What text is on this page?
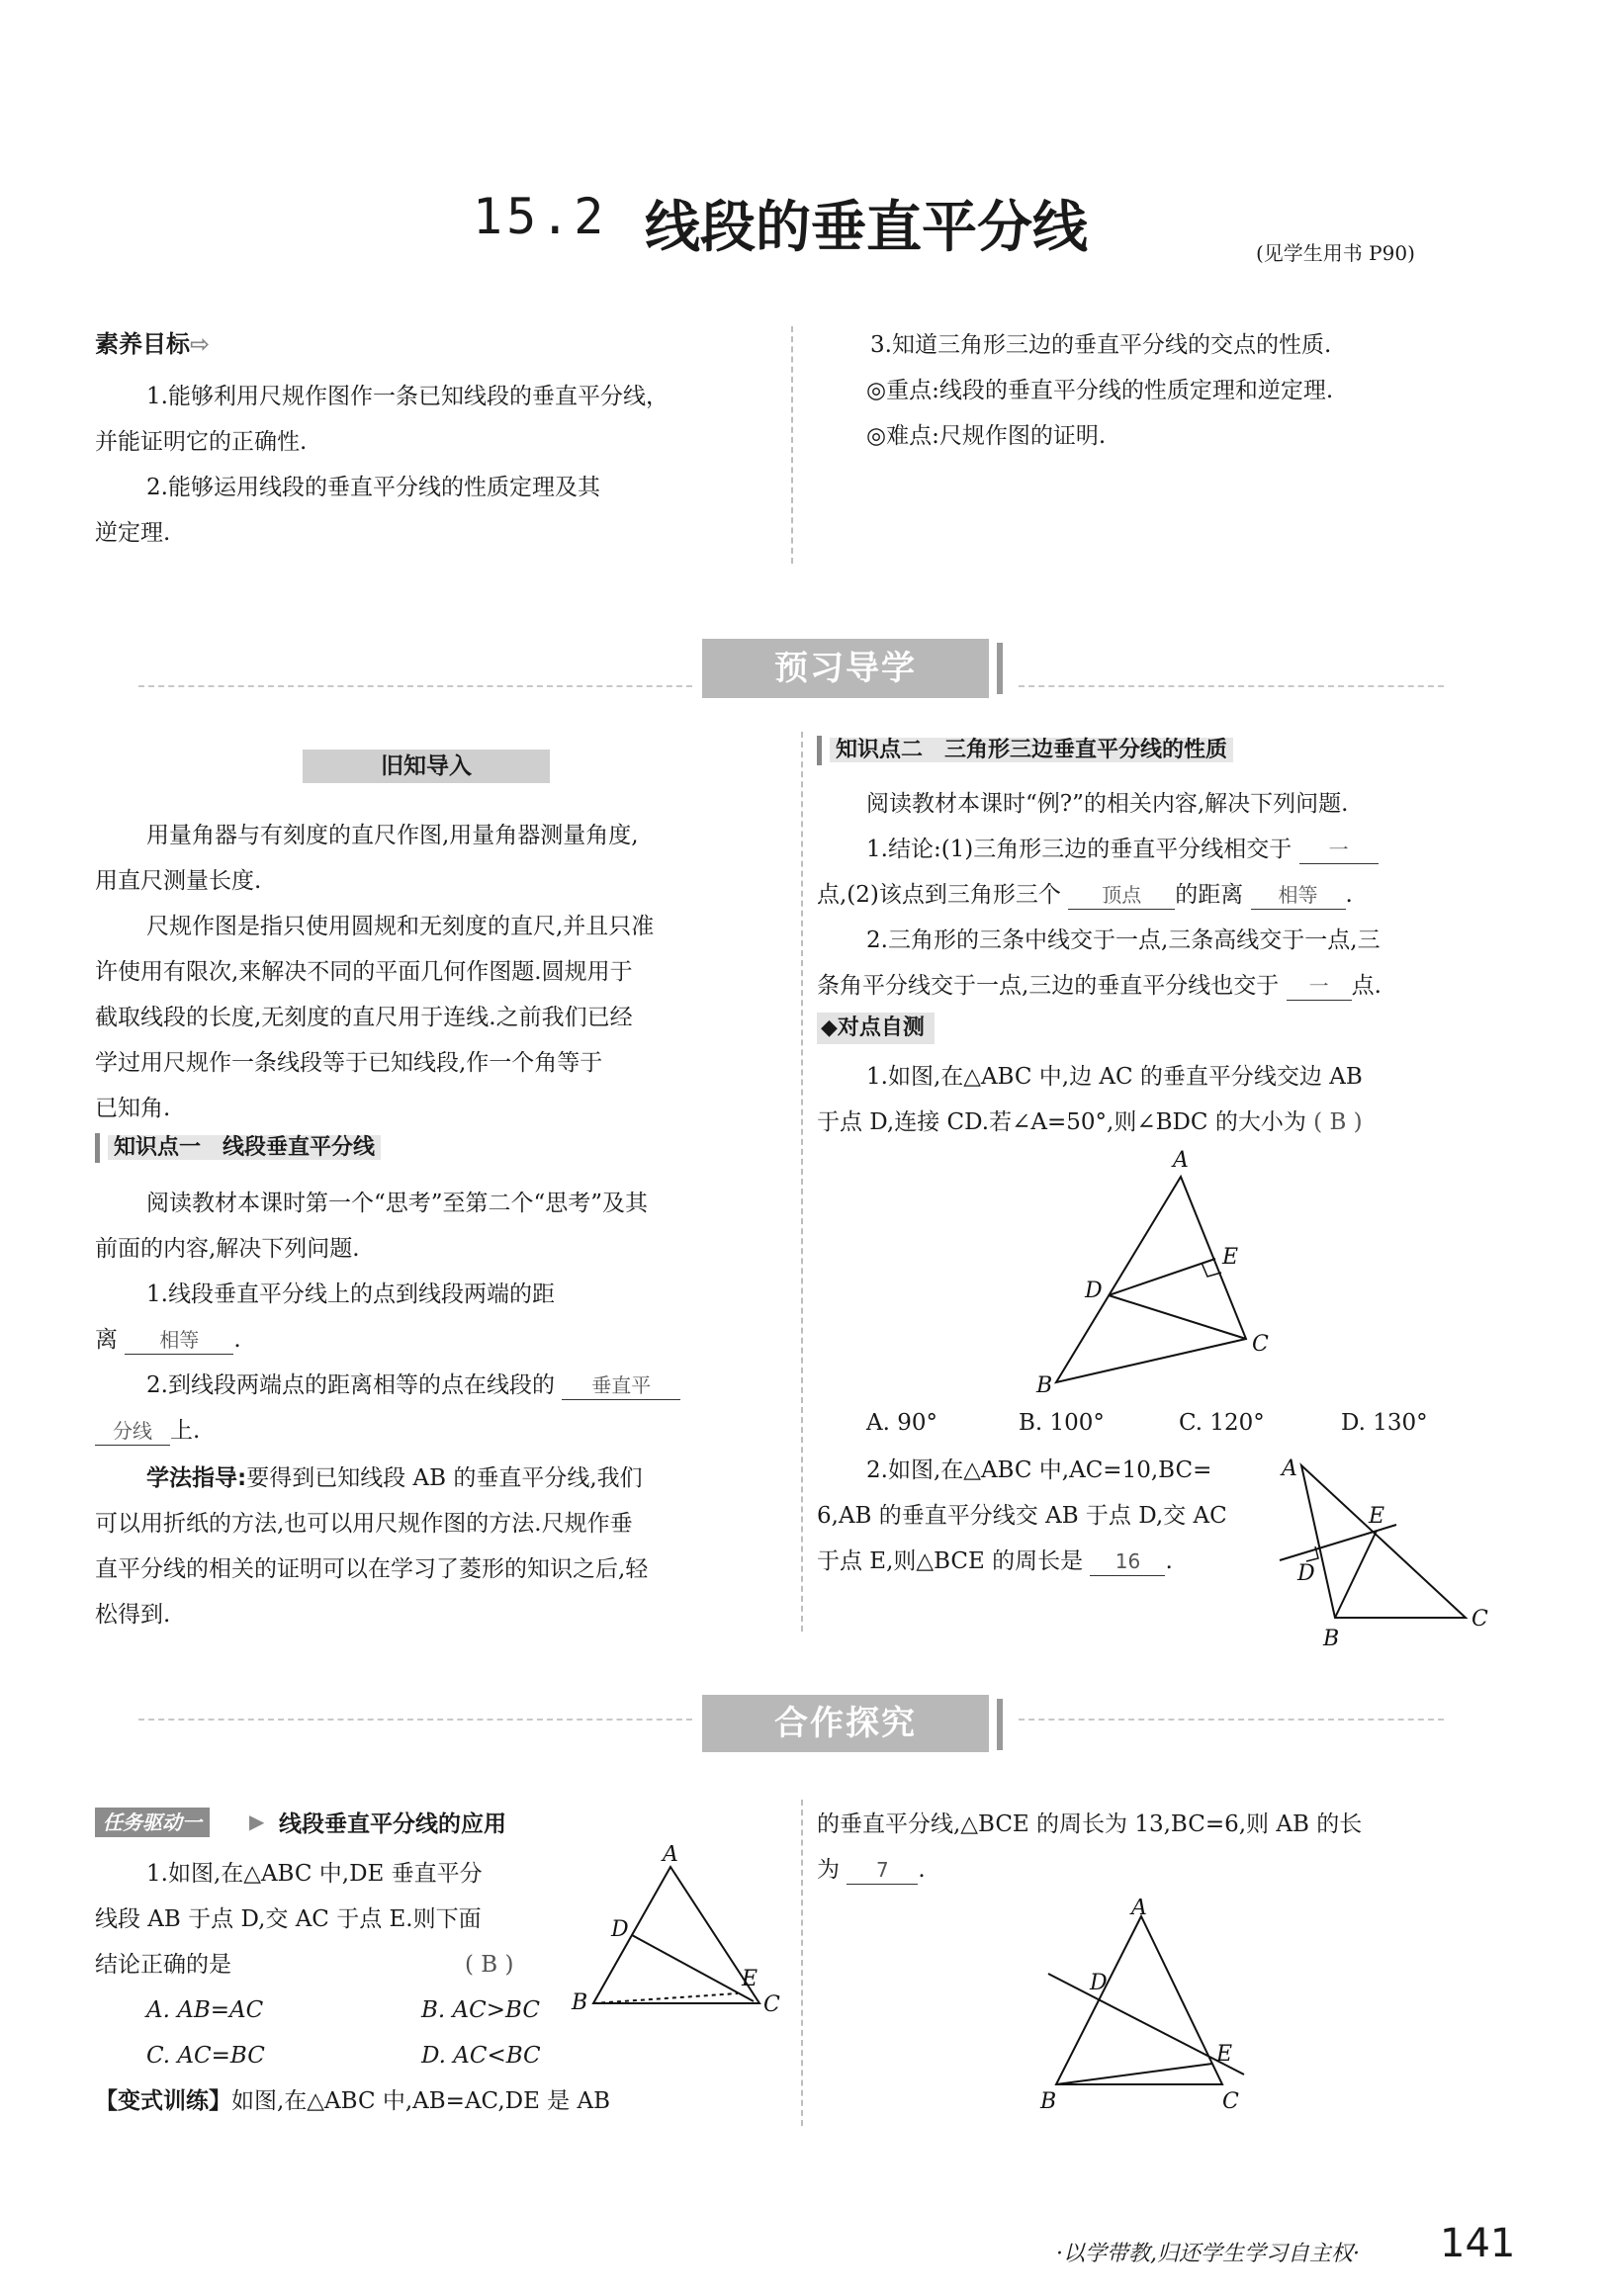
15.2 线段的垂直平分线	(见学生用书 P90)
素养目标⇨
1.能够利用尺规作图作一条已知线段的垂直平分线，
并能证明它的正确性.
2.能够运用线段的垂直平分线的性质定理及其
逆定理.
3.知道三角形三边的垂直平分线的交点的性质.
◎重点:线段的垂直平分线的性质定理和逆定理.
◎难点:尺规作图的证明.
预习导学
旧知导入
用量角器与有刻度的直尺作图,用量角器测量角度,
用直尺测量长度.
尺规作图是指只使用圆规和无刻度的直尺,并且只准
许使用有限次,来解决不同的平面几何作图题.圆规用于
截取线段的长度,无刻度的直尺用于连线.之前我们已经
学过用尺规作一条线段等于已知线段,作一个角等于
已知角.
知识点一　线段垂直平分线
阅读教材本课时第一个“思考”至第二个“思考”及其
前面的内容,解决下列问题.
1.线段垂直平分线上的点到线段两端的距
离 相等 .
2.到线段两端点的距离相等的点在线段的 垂直平
分线 上.
学法指导:要得到已知线段 AB 的垂直平分线,我们
可以用折纸的方法,也可以用尺规作图的方法.尺规作垂
直平分线的相关的证明可以在学习了菱形的知识之后,轻
松得到.
知识点二　三角形三边垂直平分线的性质
阅读教材本课时“例?”的相关内容,解决下列问题.
1.结论:(1)三角形三边的垂直平分线相交于 一
点,(2)该点到三角形三个 顶点 的距离 相等 .
2.三角形的三条中线交于一点,三条高线交于一点,三
条角平分线交于一点,三边的垂直平分线也交于 一 点.
◆对点自测
1.如图,在△ABC 中,边 AC 的垂直平分线交边 AB
于点 D,连接 CD.若∠A=50°,则∠BDC 的大小为 ( B )
A
B
C
D
E
A. 90°	B. 100°	C. 120°	D. 130°
2.如图,在△ABC 中,AC=10,BC=
6,AB 的垂直平分线交 AB 于点 D,交 AC
于点 E,则△BCE 的周长是 16 .
A
B
C
D
E
合作探究
任务驱动一	▶ 线段垂直平分线的应用
1.如图,在△ABC 中,DE 垂直平分
线段 AB 于点 D,交 AC 于点 E.则下面
结论正确的是	( B )
A. AB=AC	B. AC>BC
C. AC=BC	D. AC<BC
【变式训练】如图,在△ABC 中,AB=AC,DE 是 AB
A
B	C
D
E
的垂直平分线,△BCE 的周长为 13,BC=6,则 AB 的长
为 7 .
A
B	C
D
E
·以学带教,归还学生学习自主权· 141
